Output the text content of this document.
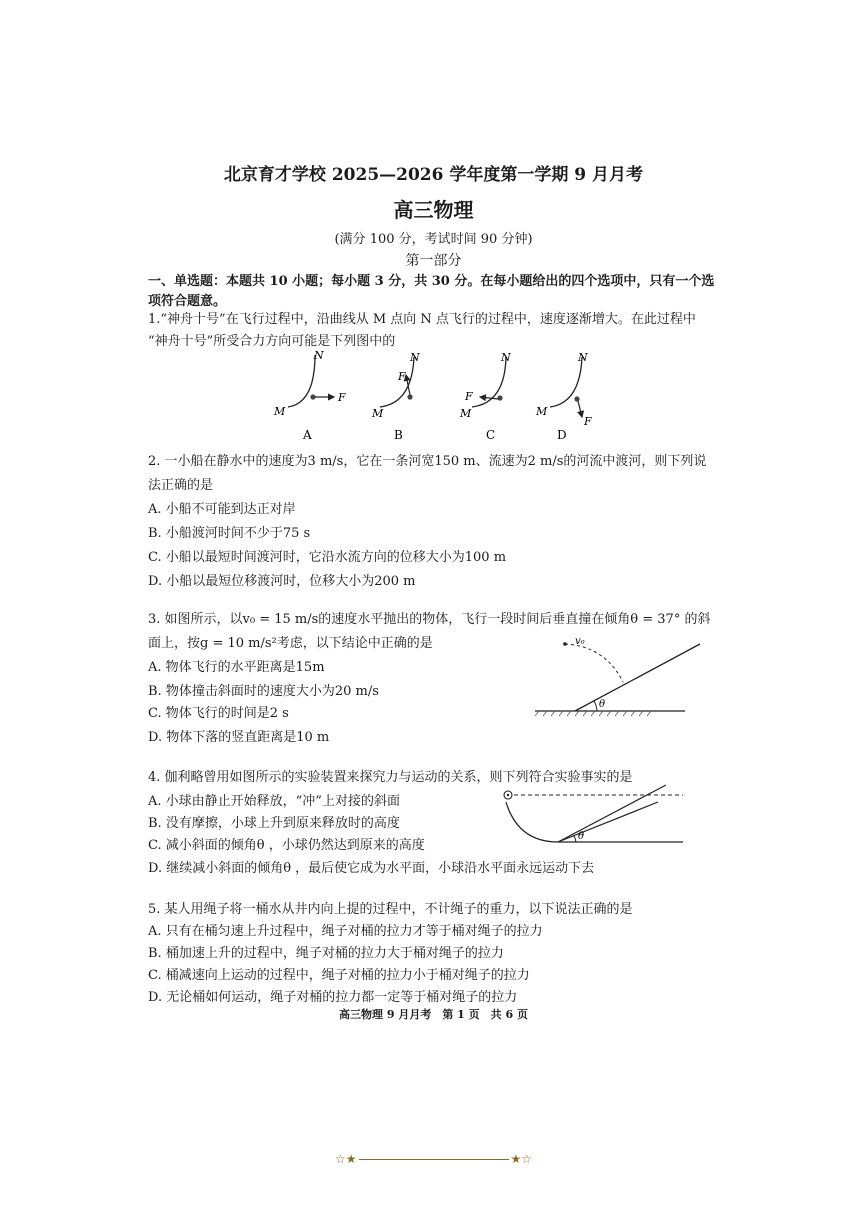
北京育才学校 2025—2026 学年度第一学期 9 月月考
高三物理
(满分 100 分，考试时间 90 分钟)
第一部分
一、单选题：本题共 10 小题；每小题 3 分，共 30 分。在每小题给出的四个选项中，只有一个选
项符合题意。
1.“神舟十号”在飞行过程中，沿曲线从 M 点向 N 点飞行的过程中，速度逐渐增大。在此过程中
“神舟十号”所受合力方向可能是下列图中的
N
M
F
N
M
F
N
M
F
N
M
F
A	B	C	D
2. 一小船在静水中的速度为3 m/s，它在一条河宽150 m、流速为2 m/s的河流中渡河，则下列说
法正确的是
A. 小船不可能到达正对岸
B. 小船渡河时间不少于75 s
C. 小船以最短时间渡河时，它沿水流方向的位移大小为100 m
D. 小船以最短位移渡河时，位移大小为200 m
3. 如图所示，以v₀ = 15 m/s的速度水平抛出的物体，飞行一段时间后垂直撞在倾角θ = 37° 的斜
面上，按g = 10 m/s²考虑，以下结论中正确的是
A. 物体飞行的水平距离是15m
B. 物体撞击斜面时的速度大小为20 m/s
C. 物体飞行的时间是2 s
D. 物体下落的竖直距离是10 m
θ
v₀
4. 伽利略曾用如图所示的实验装置来探究力与运动的关系，则下列符合实验事实的是
A. 小球由静止开始释放，“冲”上对接的斜面
B. 没有摩擦，小球上升到原来释放时的高度
C. 减小斜面的倾角θ ，小球仍然达到原来的高度
D. 继续减小斜面的倾角θ ，最后使它成为水平面，小球沿水平面永远运动下去
θ
5. 某人用绳子将一桶水从井内向上提的过程中，不计绳子的重力，以下说法正确的是
A. 只有在桶匀速上升过程中，绳子对桶的拉力才等于桶对绳子的拉力
B. 桶加速上升的过程中，绳子对桶的拉力大于桶对绳子的拉力
C. 桶减速向上运动的过程中，绳子对桶的拉力小于桶对绳子的拉力
D. 无论桶如何运动，绳子对桶的拉力都一定等于桶对绳子的拉力
高三物理 9 月月考　第 1 页　共 6 页
☆★	★☆
